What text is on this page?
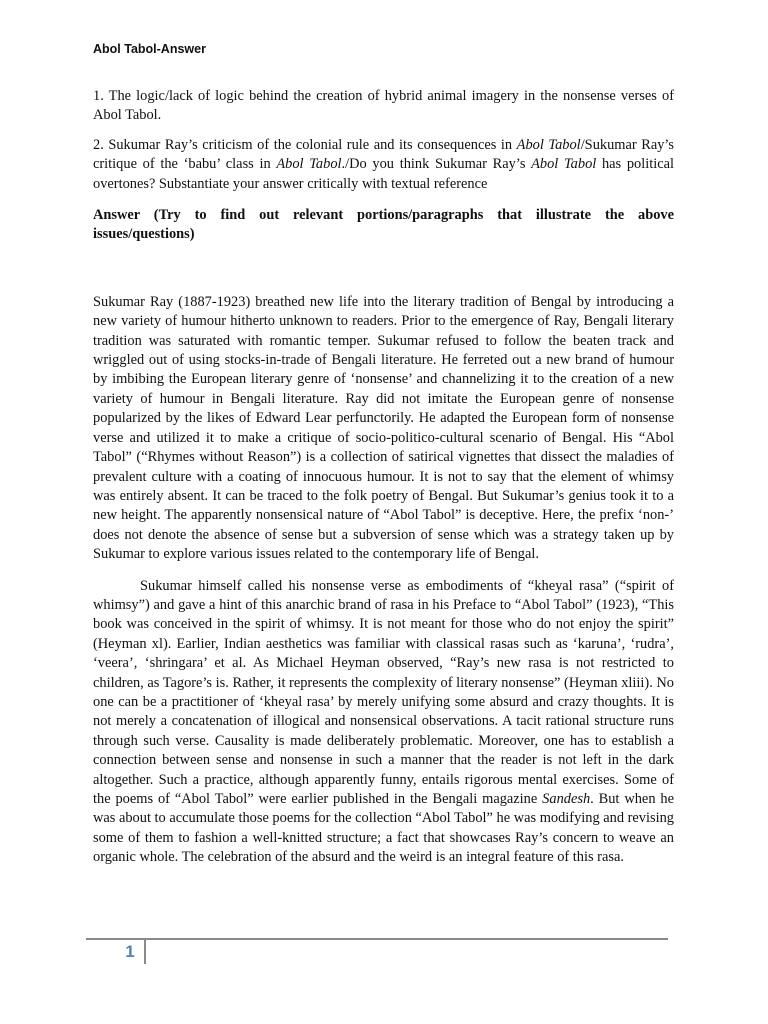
Abol Tabol-Answer

1. The logic/lack of logic behind the creation of hybrid animal imagery in the nonsense verses of Abol Tabol.

2. Sukumar Ray’s criticism of the colonial rule and its consequences in Abol Tabol/Sukumar Ray’s critique of the ‘babu’ class in Abol Tabol./Do you think Sukumar Ray’s Abol Tabol has political overtones? Substantiate your answer critically with textual reference

Answer (Try to find out relevant portions/paragraphs that illustrate the above issues/questions)

Sukumar Ray (1887-1923) breathed new life into the literary tradition of Bengal by introducing a new variety of humour hitherto unknown to readers. Prior to the emergence of Ray, Bengali literary tradition was saturated with romantic temper. Sukumar refused to follow the beaten track and wriggled out of using stocks-in-trade of Bengali literature. He ferreted out a new brand of humour by imbibing the European literary genre of ‘nonsense’ and channelizing it to the creation of a new variety of humour in Bengali literature. Ray did not imitate the European genre of nonsense popularized by the likes of Edward Lear perfunctorily. He adapted the European form of nonsense verse and utilized it to make a critique of socio-politico-cultural scenario of Bengal. His “Abol Tabol” (“Rhymes without Reason”) is a collection of satirical vignettes that dissect the maladies of prevalent culture with a coating of innocuous humour. It is not to say that the element of whimsy was entirely absent. It can be traced to the folk poetry of Bengal. But Sukumar’s genius took it to a new height. The apparently nonsensical nature of “Abol Tabol” is deceptive. Here, the prefix ‘non-’ does not denote the absence of sense but a subversion of sense which was a strategy taken up by Sukumar to explore various issues related to the contemporary life of Bengal.

Sukumar himself called his nonsense verse as embodiments of “kheyal rasa” (“spirit of whimsy”) and gave a hint of this anarchic brand of rasa in his Preface to “Abol Tabol” (1923), “This book was conceived in the spirit of whimsy. It is not meant for those who do not enjoy the spirit” (Heyman xl). Earlier, Indian aesthetics was familiar with classical rasas such as ‘karuna’, ‘rudra’, ‘veera’, ‘shringara’ et al. As Michael Heyman observed, “Ray’s new rasa is not restricted to children, as Tagore’s is. Rather, it represents the complexity of literary nonsense” (Heyman xliii). No one can be a practitioner of ‘kheyal rasa’ by merely unifying some absurd and crazy thoughts. It is not merely a concatenation of illogical and nonsensical observations. A tacit rational structure runs through such verse. Causality is made deliberately problematic. Moreover, one has to establish a connection between sense and nonsense in such a manner that the reader is not left in the dark altogether. Such a practice, although apparently funny, entails rigorous mental exercises. Some of the poems of “Abol Tabol” were earlier published in the Bengali magazine Sandesh. But when he was about to accumulate those poems for the collection “Abol Tabol” he was modifying and revising some of them to fashion a well-knitted structure; a fact that showcases Ray’s concern to weave an organic whole. The celebration of the absurd and the weird is an integral feature of this rasa.

1
